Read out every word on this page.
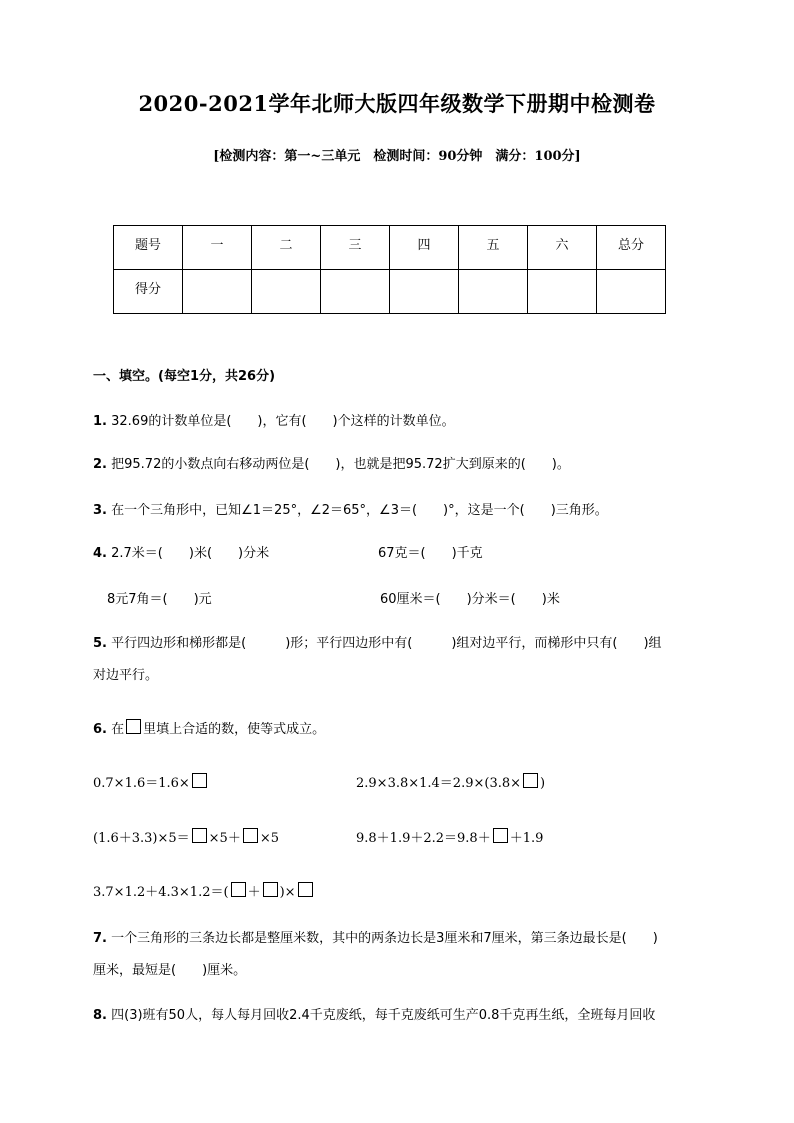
2020-2021学年北师大版四年级数学下册期中检测卷
[检测内容：第一~三单元　检测时间：90分钟　满分：100分]
题号	一	二	三	四	五	六	总分
得分							
一、填空。(每空1分，共26分)
1. 32.69的计数单位是(　　)，它有(　　)个这样的计数单位。
2. 把95.72的小数点向右移动两位是(　　)，也就是把95.72扩大到原来的(　　)。
3. 在一个三角形中，已知∠1＝25°，∠2＝65°，∠3＝(　　)°，这是一个(　　)三角形。
4. 2.7米＝(　　)米(　　)分米	67克＝(　　)千克
8元7角＝(　　)元	60厘米＝(　　)分米＝(　　)米
5. 平行四边形和梯形都是(　　　)形；平行四边形中有(　　　)组对边平行，而梯形中只有(　　)组
对边平行。
6. 在 里填上合适的数，使等式成立。
0.7×1.6＝1.6×	2.9×3.8×1.4＝2.9×(3.8× )
(1.6＋3.3)×5＝ ×5＋ ×5	9.8＋1.9＋2.2＝9.8＋ ＋1.9
3.7×1.2＋4.3×1.2＝( ＋ )×
7. 一个三角形的三条边长都是整厘米数，其中的两条边长是3厘米和7厘米，第三条边最长是(　　)
厘米，最短是(　　)厘米。
8. 四(3)班有50人，每人每月回收2.4千克废纸，每千克废纸可生产0.8千克再生纸，全班每月回收
